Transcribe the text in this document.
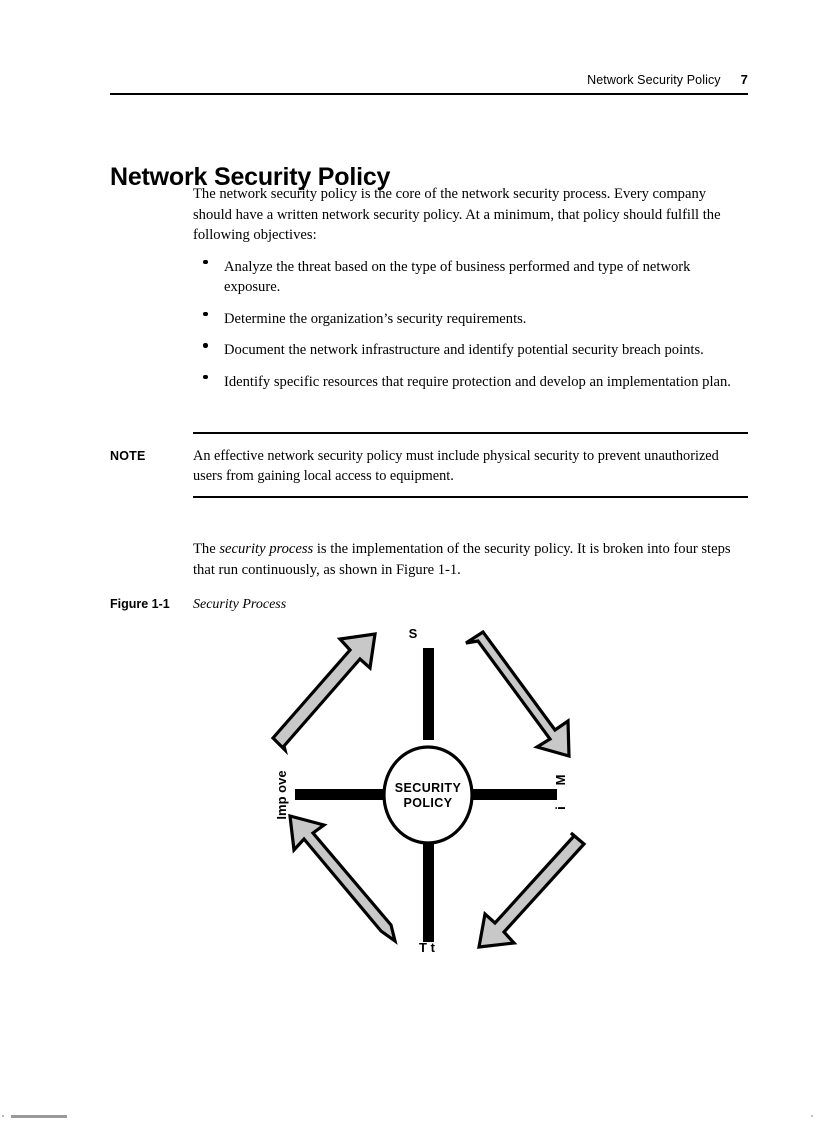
Network Security Policy 7
Network Security Policy

The network security policy is the core of the network security process. Every company should have a written network security policy. At a minimum, that policy should fulfill the following objectives:

Analyze the threat based on the type of business performed and type of network exposure.
Determine the organization’s security requirements.
Document the network infrastructure and identify potential security breach points.
Identify specific resources that require protection and develop an implementation plan.
NOTE	An effective network security policy must include physical security to prevent unauthorized users from gaining local access to equipment.

The security process is the implementation of the security policy. It is broken into four steps that run continuously, as shown in Figure 1-1.

Figure 1-1 Security Process
SECURITY
POLICY
S
M
i
T t
Imp ove
